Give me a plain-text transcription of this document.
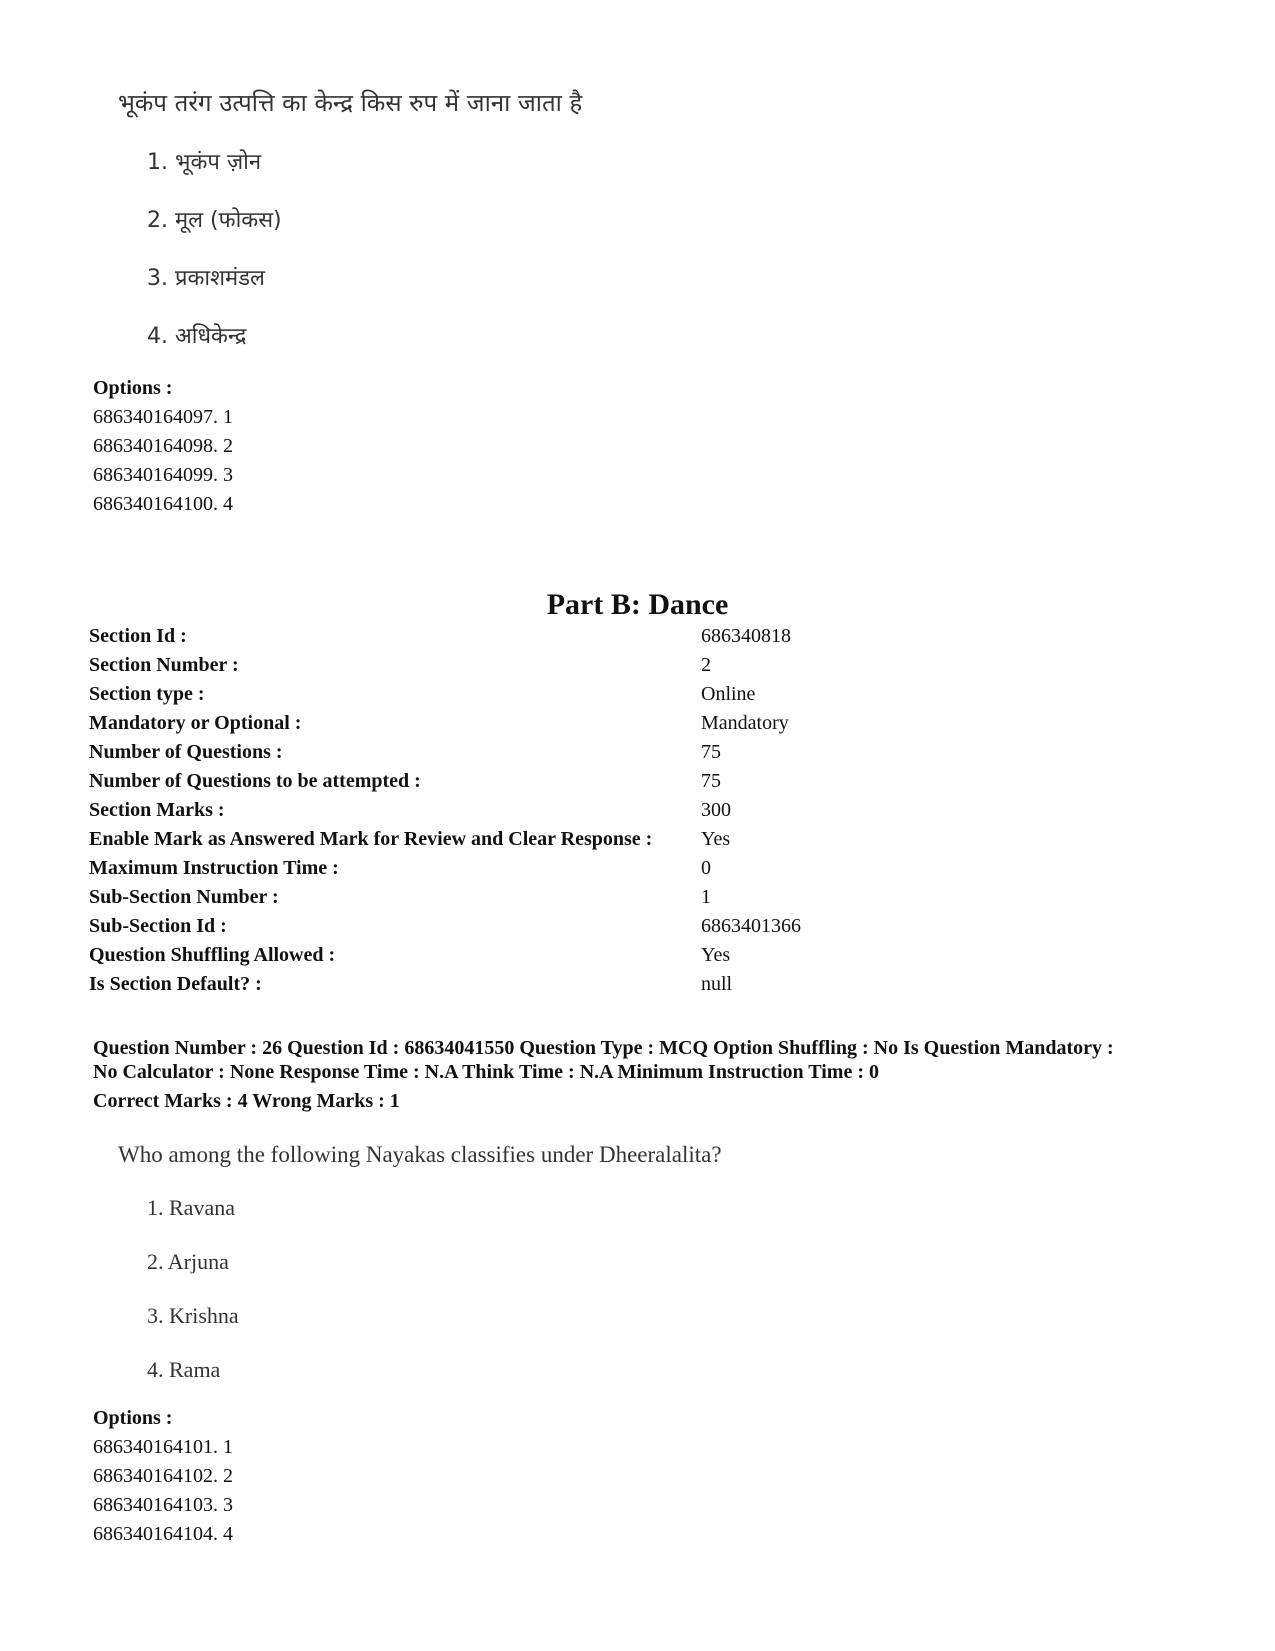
भूकंप तरंग उत्पत्ति का केन्द्र किस रुप में जाना जाता है
1. भूकंप ज़ोन
2. मूल (फोकस)
3. प्रकाशमंडल
4. अधिकेन्द्र
Options :
686340164097. 1
686340164098. 2
686340164099. 3
686340164100. 4
Part B: Dance
Section Id :	686340818
Section Number :	2
Section type :	Online
Mandatory or Optional :	Mandatory
Number of Questions :	75
Number of Questions to be attempted :	75
Section Marks :	300
Enable Mark as Answered Mark for Review and Clear Response : Yes
Maximum Instruction Time :	0
Sub-Section Number :	1
Sub-Section Id :	6863401366
Question Shuffling Allowed :	Yes
Is Section Default? :	null
Question Number : 26 Question Id : 68634041550 Question Type : MCQ Option Shuffling : No Is Question Mandatory :
No Calculator : None Response Time : N.A Think Time : N.A Minimum Instruction Time : 0
Correct Marks : 4 Wrong Marks : 1
Who among the following Nayakas classifies under Dheeralalita?
1. Ravana
2. Arjuna
3. Krishna
4. Rama
Options :
686340164101. 1
686340164102. 2
686340164103. 3
686340164104. 4
